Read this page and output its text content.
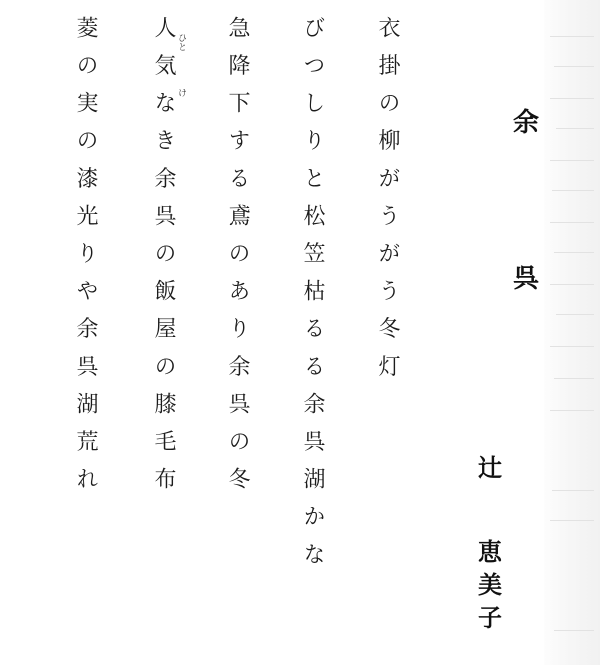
余
呉
辻
恵
美
子
衣掛の柳がうがう冬灯
びつしりと松笠枯るる余呉湖かな
急降下する鳶のあり余呉の冬
人気なき余呉の飯屋の膝毛布
菱の実の漆光りや余呉湖荒れ	ひと
け
